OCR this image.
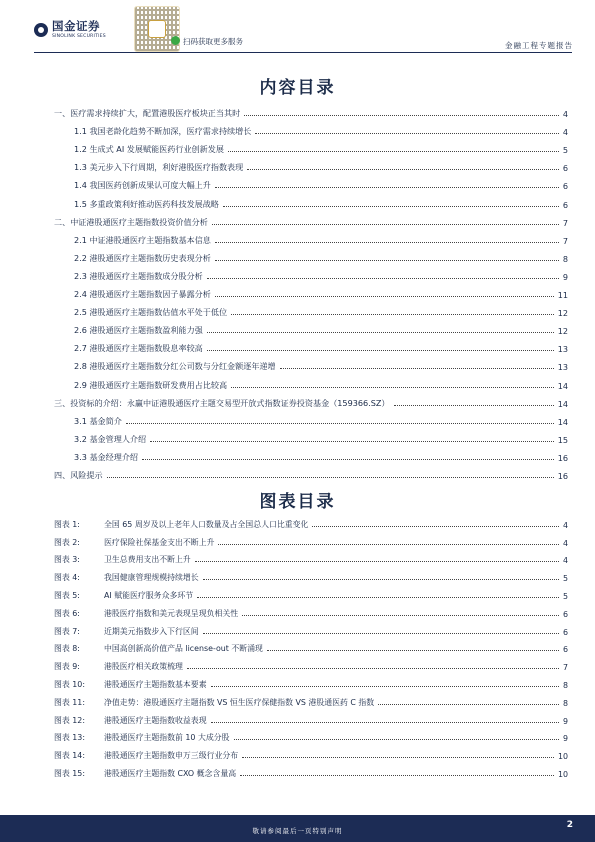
国金证券
SINOLINK SECURITIES
扫码获取更多服务	金融工程专题报告
内容目录
一、医疗需求持续扩大，配置港股医疗板块正当其时	4
1.1 我国老龄化趋势不断加深，医疗需求持续增长	4
1.2 生成式 AI 发展赋能医药行业创新发展	5
1.3 美元步入下行周期，利好港股医疗指数表现	6
1.4 我国医药创新成果认可度大幅上升	6
1.5 多重政策利好推动医药科技发展战略	6
二、中证港股通医疗主题指数投资价值分析	7
2.1 中证港股通医疗主题指数基本信息	7
2.2 港股通医疗主题指数历史表现分析	8
2.3 港股通医疗主题指数成分股分析	9
2.4 港股通医疗主题指数因子暴露分析	11
2.5 港股通医疗主题指数估值水平处于低位	12
2.6 港股通医疗主题指数盈利能力强	12
2.7 港股通医疗主题指数股息率较高	13
2.8 港股通医疗主题指数分红公司数与分红金额逐年递增	13
2.9 港股通医疗主题指数研发费用占比较高	14
三、投资标的介绍：永赢中证港股通医疗主题交易型开放式指数证券投资基金（159366.SZ）	14
3.1 基金简介	14
3.2 基金管理人介绍	15
3.3 基金经理介绍	16
四、风险提示	16
图表目录
图表 1:	全国 65 周岁及以上老年人口数量及占全国总人口比重变化	4
图表 2:	医疗保险社保基金支出不断上升	4
图表 3:	卫生总费用支出不断上升	4
图表 4:	我国健康管理规模持续增长	5
图表 5:	AI 赋能医疗服务众多环节	5
图表 6:	港股医疗指数和美元表现呈现负相关性	6
图表 7:	近期美元指数步入下行区间	6
图表 8:	中国高创新高价值产品 license-out 不断涌现	6
图表 9:	港股医疗相关政策梳理	7
图表 10:	港股通医疗主题指数基本要素	8
图表 11:	净值走势：港股通医疗主题指数 VS 恒生医疗保健指数 VS 港股通医药 C 指数	8
图表 12:	港股通医疗主题指数收益表现	9
图表 13:	港股通医疗主题指数前 10 大成分股	9
图表 14:	港股通医疗主题指数申万三级行业分布	10
图表 15:	港股通医疗主题指数 CXO 概念含量高	10
敬请参阅最后一页特别声明
2
